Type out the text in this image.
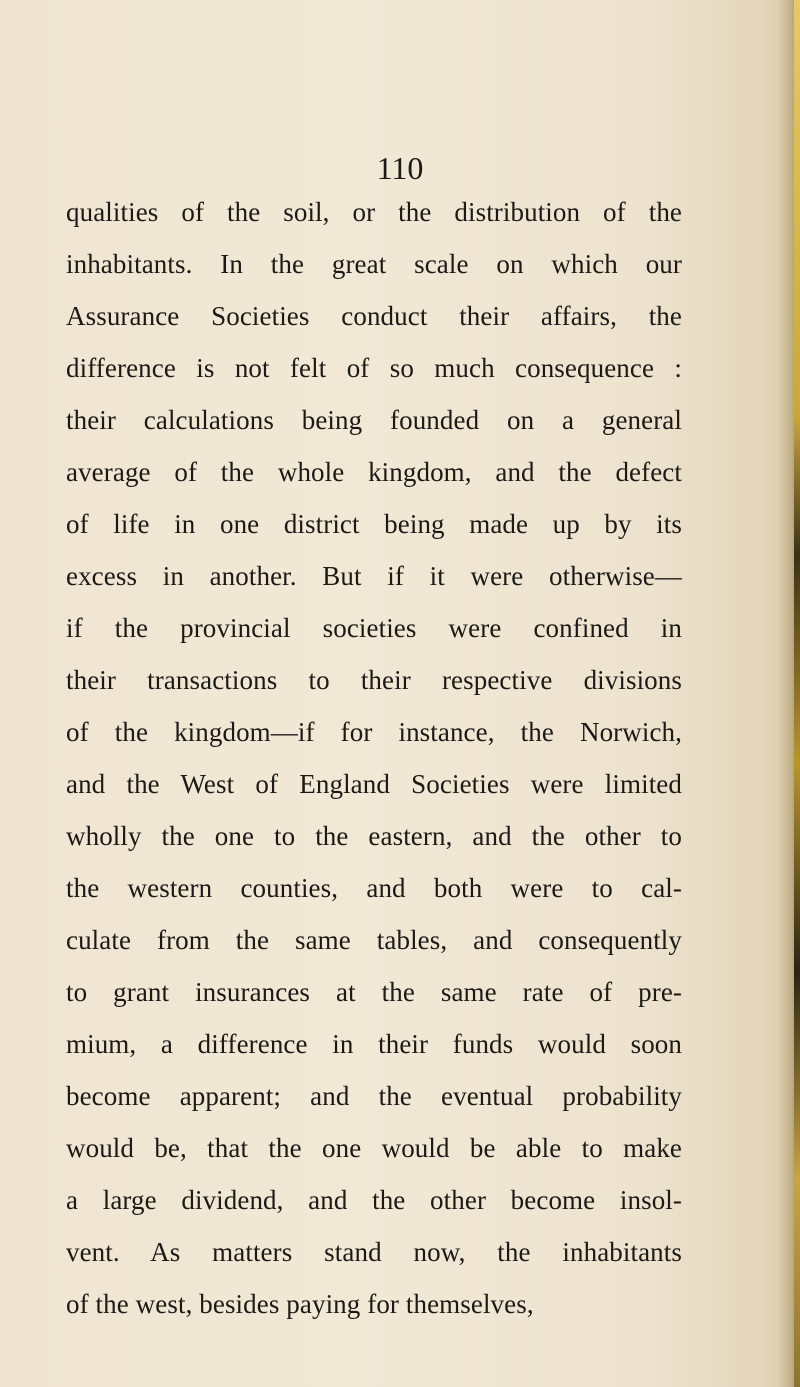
110
qualities of the soil, or the distribution of the
inhabitants. In the great scale on which our
Assurance Societies conduct their affairs, the
difference is not felt of so much consequence :
their calculations being founded on a general
average of the whole kingdom, and the defect
of life in one district being made up by its
excess in another. But if it were otherwise—
if the provincial societies were confined in
their transactions to their respective divisions
of the kingdom—if for instance, the Norwich,
and the West of England Societies were limited
wholly the one to the eastern, and the other to
the western counties, and both were to cal-
culate from the same tables, and consequently
to grant insurances at the same rate of pre-
mium, a difference in their funds would soon
become apparent; and the eventual probability
would be, that the one would be able to make
a large dividend, and the other become insol-
vent. As matters stand now, the inhabitants
of the west, besides paying for themselves,
